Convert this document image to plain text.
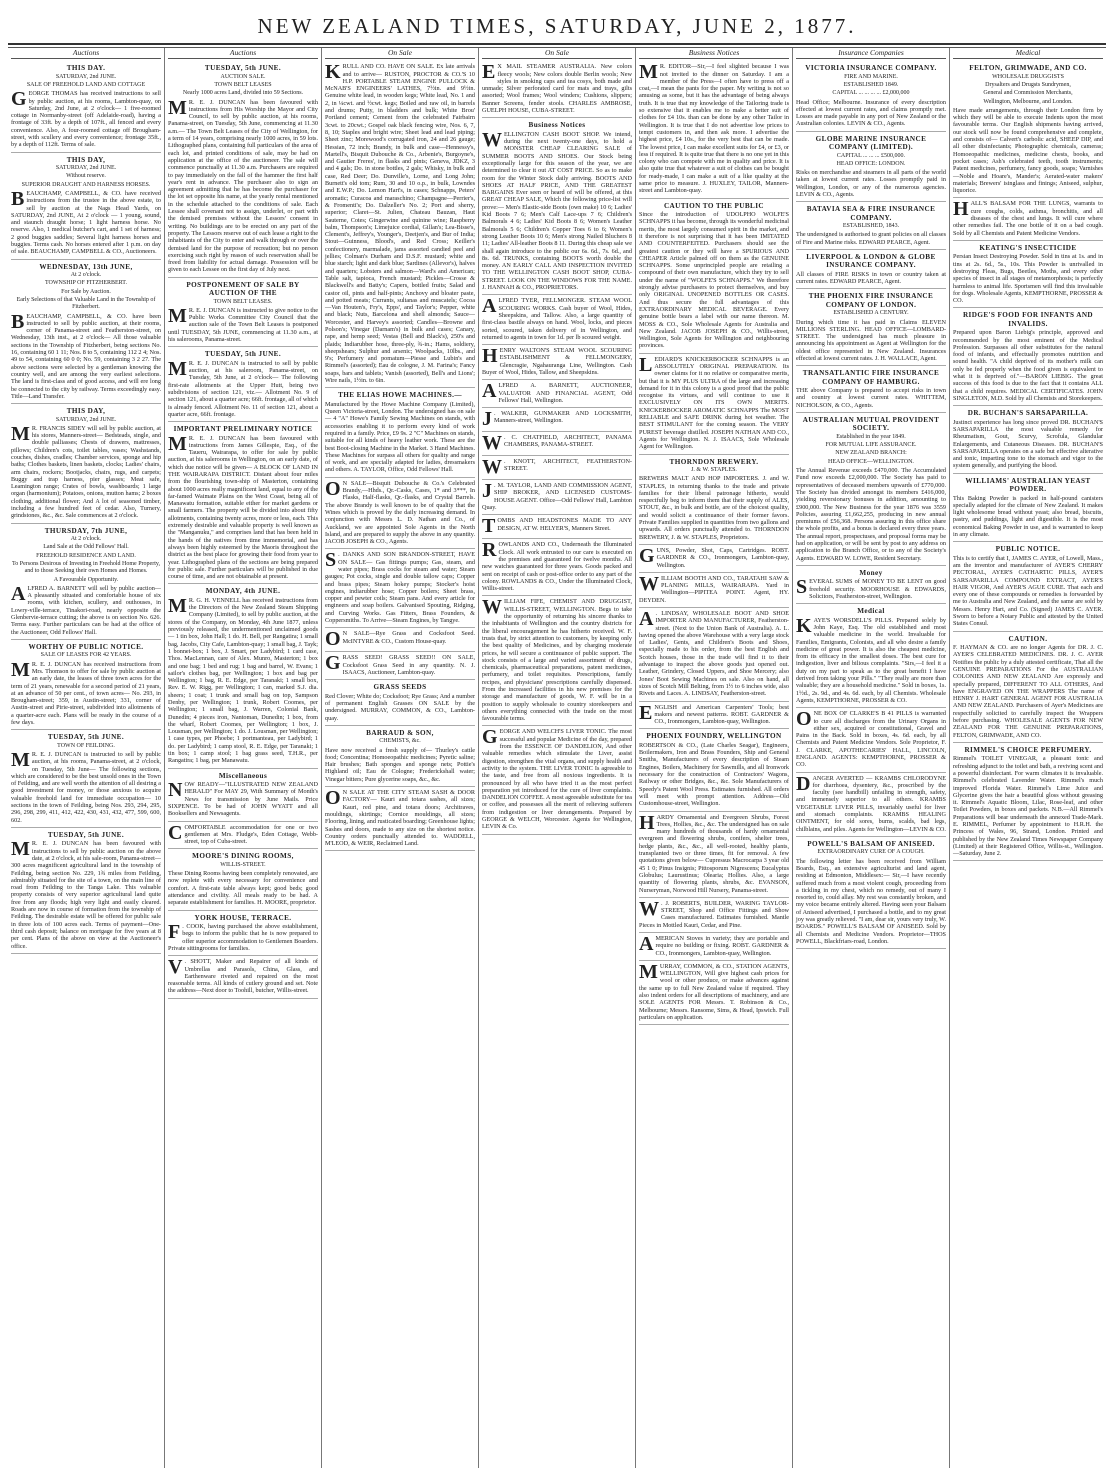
NEW ZEALAND TIMES, SATURDAY, JUNE 2, 1877.
Auctions
THIS DAY.
SATURDAY, 2nd JUNE.
SALE OF FREEHOLD LAND AND COTTAGE
GEORGE THOMAS has received instructions to sell by public auction, at his rooms, Lambton-quay, on Saturday, 2nd June, at 2 o'clock— 1 five-roomed cottage in Normanby-street (off Adelaide-road), having a frontage of 33ft. by a depth of 107ft., all fenced and every convenience. Also, A four-roomed cottage off Brougham-street, with scullery and every convenience; frontage 35ft., by a depth of 112ft. Terms of sale.
THIS DAY,
SATURDAY, 2nd JUNE.
Without reserve.
SUPERIOR DRAUGHT AND HARNESS HORSES.
BEAUCHAMP, CAMPBELL, & CO. have received instructions from the trustee in the above estate, to sell by auction at the Nags Head Yards, on SATURDAY, 2nd JUNE, At 2 o'clock — 1 young, sound, and staunch draught horse; 1 light harness horse. No reserve. Also, 1 medical butcher's cart, and 1 set of harness; 2 good buggies saddles; Several light harness horses and buggies. Terms cash. No horses entered after 1 p.m. on day of sale. BEAUCHAMP, CAMPBELL & CO., Auctioneers.
WEDNESDAY, 13th JUNE,
At 2 o'clock.
TOWNSHIP OF FITZHERBERT.
For Sale by Auction.
Early Selections of that Valuable Land in the Township of Fitzherbert.
BEAUCHAMP, CAMPBELL, & CO. have been instructed to sell by public auction, at their rooms, corner of Panama-street and Featherston-street, on Wednesday, 13th inst., at 2 o'clock— All those valuable sections in the Township of Fitzherbert, being sections No. 16, containing 60 1 11; Nos. 8 to 5, containing 112 2 4; Nos. 49 to 54, containing 60 0 0; No. 59, containing 3 2 27. The above sections were selected by a gentleman knowing the country well, and are among the very earliest selections. The land is first-class and of good access, and will ere long be connected to the city by railway. Terms exceedingly easy. Title—Land Transfer.
THIS DAY,
SATURDAY, 2nd JUNE.
M R. FRANCIS SIDEY will sell by public auction, at his stores, Manners-street— Bedsteads, single, and double palliasses; Chests of drawers, mattresses, pillows; Children's cots, toilet tables, vases; Washstands, couches, dishes, cradles; Chamber services, sponge and hip baths; Clothes baskets, linen baskets, clocks; Ladies' chairs, arm chairs, rockers; Bootjacks, chairs, rugs, and carpets; Buggy and trap harness, pier glasses; Meat safe, Leamington range; Crates of bowls, washboards; 1 large organ (harmonium); Potatoes, onions, mutton hams; 2 boxes clothing, additional flower; And A lot of seasoned timber, including a few hundred feet of cedar. Also, Turnery, grindstones, &c., &c. Sale commences at 2 o'clock.
THURSDAY, 7th JUNE,
At 2 o'clock.
Land Sale at the Odd Fellows' Hall.
FREEHOLD RESIDENCE AND LAND.
To Persons Desirous of Investing in Freehold Home Property, and to those Seeking their own Homes and Homes.
A Favourable Opportunity.
ALFRED A. BARNETT will sell by public auction— A pleasantly situated and comfortable house of six rooms, with kitchen, scullery, and outhouses, in Lowry-ville-terrace, Tinakori-road, nearly opposite the Glenbervie-terrace cutting; the above is on section No. 626. Terms easy. Further particulars can be had at the office of the Auctioneer, Odd Fellows' Hall.
WORTHY OF PUBLIC NOTICE.
SALE OF LEASES FOR 42 YEARS.
M R. E. J. DUNCAN has received instructions from Mrs. Thomson to offer for sale by public auction at an early date, the leases of three town acres for the term of 21 years, renewable for a second period of 21 years, at an advance of 50 per cent., of town acres— No. 293, in Brougham-street; 359, in Austin-street; 331, corner of Austin-street and Pirie-street, subdivided into allotments of a quarter-acre each. Plans will be ready in the course of a few days.
TUESDAY, 5th JUNE.
TOWN OF FEILDING.
M R. E. J. DUNCAN is instructed to sell by public auction, at his rooms, Panama-street, at 2 o'clock, on Tuesday, 5th June— The following sections, which are considered to be the best unsold ones in the Town of Feilding, and are well worth the attention of all desiring a good investment for money, or those anxious to acquire valuable freehold land for immediate occupation— 10 sections in the town of Feilding, being Nos. 293, 294, 295, 296, 298, 299, 411, 412, 422, 430, 431, 432, 477, 599, 600, 602.
TUESDAY, 5th JUNE.
M R. E. J. DUNCAN has been favoured with instructions to sell by public auction on the above date, at 2 o'clock, at his sale-room, Panama-street— 300 acres magnificent agricultural land in the township of Feilding, being section No. 229, 1¾ miles from Feilding, admirably situated for the site of a town, on the main line of road from Feilding to the Tanga Lake. This valuable property consists of very superior agricultural land quite free from any floods; high very light and easily cleared. Roads are now in course of formation from the township of Feilding. The desirable estate will be offered for public sale in three lots of 100 acres each. Terms of payment—One-third cash deposit; balance on mortgage for five years at 8 per cent. Plans of the above on view at the Auctioneer's office.
Auctions
TUESDAY, 5th JUNE.
AUCTION SALE.
TOWN BELT LEASES
Nearly 1000 acres Land, divided into 59 Sections.
M R. E. J. DUNCAN has been favoured with instructions from His Worship the Mayor and City Council, to sell by public auction, at his rooms, Panama-street, on Tuesday, 5th June, commencing at 11.30 a.m.— The Town Belt Leases of the City of Wellington, for a term of 14 years, comprising nearly 1000 acres, in 59 lots. Lithographed plans, containing full particulars of the area of each lot, and printed conditions of sale, may be had on application at the office of the auctioneer. The sale will commence punctually at 11.30 a.m. Purchasers are required to pay immediately on the fall of the hammer the first half year's rent in advance. The purchaser also to sign an agreement admitting that he has become the purchaser for the lot set opposite his name, at the yearly rental mentioned in the schedule attached to the conditions of sale. Each Lessee shall covenant not to assign, underlet, or part with the demised premises without the Lessors' consent in writing. No buildings are to be erected on any part of the property. The Lessors reserve out of each lease a right to the inhabitants of the City to enter and walk through or over the demised land for the purpose of recreation; but no person exercising such right by reason of such reservation shall be freed from liability for actual damage. Possession will be given to each Lessee on the first day of July next.
POSTPONEMENT OF SALE BY AUCTION OF THE
TOWN BELT LEASES.
M R. E. J. DUNCAN is instructed to give notice to the Public Works Committee City Council that the auction sale of the Town Belt Leases is postponed until TUESDAY, 5th JUNE, commencing at 11.30 a.m., at his salerooms, Panama-street.
TUESDAY, 5th JUNE.
M R. E. J. DUNCAN is instructed to sell by public auction, at his saleroom, Panama-street, on Tuesday, 5th June, at 2 o'clock— The following first-rate allotments at the Upper Hutt, being two subdivisions of section 121, viz.— Allotment No. 9 of section 121, about a quarter acre; 66ft. frontage, all of which is already fenced. Allotment No. 11 of section 121, about a quarter acre, 66ft. frontage.
IMPORTANT PRELIMINARY NOTICE
M R. E. J. DUNCAN has been favoured with instructions from James Gillespie, Esq., of the Taueru, Wairarapa, to offer for sale by public auction, at his salerooms in Wellington, on an early date, of which due notice will be given— A BLOCK OF LAND IN THE WAIRARAPA DISTRICT. Distant about four miles from the flourishing town-ship of Masterton, containing about 1000 acres really magnificent land, equal to any of the far-famed Waimate Plains on the West Coast, being all of Manawatu formation, suitable either for market gardens or small farmers. The property will be divided into about fifty allotments, containing twenty acres, more or less, each. This extremely desirable and valuable property is well known as the "Manganuku," and comprises land that has been held in the hands of the natives from time immemorial, and has always been highly esteemed by the Maoris throughout the district as the best place for growing their food from year to year. Lithographed plans of the sections are being prepared for public sale. Further particulars will be published in due course of time, and are not obtainable at present.
MONDAY, 4th JUNE.
M R. G. H. VENNELL has received instructions from the Directors of the New Zealand Steam Shipping Company (Limited), to sell by public auction, at the stores of the Company, on Monday, 4th June 1877, unless previously released, the undermentioned unclaimed goods— 1 tin box, John Hall; 1 do. H. Bell, per Rangatira; 1 small bag, Jacobs, City Cafe, Lambton-quay; 1 small bag, J. Tayk; 1 bonnet-box; 1 box, J. Smart, per Ladybird; 1 card case, Thos. MacLennan, care of Alex. Munro, Masterton; 1 box and one bag; 1 bed and rug; 1 bag and barrel, W. Evans; 1 sailor's clothes bag, per Wellington; 1 box and bag per Wellington; 1 bag, R. E. Edge, per Taranaki; 1 small box, Rev. E. W. Rigg, per Wellington; 1 can, marked S.J. dia. sheers; 1 coat; 1 trunk and small bag on top, Sampson Denby, per Wellington; 1 trunk, Robert Coomes, per Wellington; 1 small bag, J. Warren, Colonial Bank, Dunedin; 4 pieces iron, Nantoman, Dunedin; 1 box, from the wharf, Robert Coomes, per Wellington; 1 box, J. Lousman, per Wellington; 1 do. J. Lousman, per Wellington; 1 case types, per Phoebe; 1 portmanteau, per Ladybird; 1 do. per Ladybird; 1 camp stool, R. E. Edge, per Taranaki; 1 tin box; 1 camp stool; 1 bag grass seed, T.H.R., per Rangatira; 1 bag, per Manawatu.
Miscellaneous
NOW READY—"ILLUSTRATED NEW ZEALAND HERALD" For MAY 29, With Summary of Month's News for transmission by June Mails. Price SIXPENCE. To be had of JOHN WYATT and all Booksellers and Newsagents.
COMFORTABLE accommodation for one or two gentlemen at Mrs. Fludge's, Eden Cottage, Webb-street, top of Cuba-street.
MOORE'S DINING ROOMS,
WILLIS-STREET.
These Dining Rooms having been completely renovated, are now replete with every necessary for convenience and comfort. A first-rate table always kept; good beds; good attendance and civility. All meals ready to be had. A separate establishment for families. H. MOORE, proprietor.
YORK HOUSE, TERRACE.
F . COOK, having purchased the above establishment, begs to inform the public that he is now prepared to offer superior accommodation to Gentlemen Boarders. Private sittingrooms for families.
V . SHOTT, Maker and Repairer of all kinds of Umbrellas and Parasols, China, Glass, and Earthenware riveted and repaired on the most reasonable terms. All kinds of cutlery ground and set. Note the address—Next door to Toohill, butcher, Willis-street.
On Sale
KRULL AND CO. HAVE ON SALE. Ex late arrivals and to arrive— RUSTON, PROCTOR & CO.'S 10 H.P. PORTABLE STEAM ENGINE PULLOCK & McNAB'S ENGINEERS' LATHES, 7½in. and 9½in. Genuine white lead, in wooden kegs; White lead, No. 1 and 2, in ¼cwt. and ½cwt. kegs; Boiled and raw oil, in barrels and drums; Putty, in bladders and bulk; White Brou' Portland cement; Cement from the celebrated Fairbairn 3cwt. to 20cwt.; Gospel oak black fencing wire, Nos. 6, 7, 8, 10; Staples and bright wire; Sheet lead and lead piping; Sheet zinc; Morewood's corrugated iron, 24 and 26 gauge; Hessian, 72 inch; Brandy, in bulk and case—Hennessy's, Martell's, Bisquit Dubouche & Co., Arbenie's, Burgoyne's, and Gautier Freres', in flasks and pints; Geneva, JDKZ, 3 and 4 gals; Do. in stone bottles, 2 gals; Whisky, in bulk and case, Red Deer; Do. Dunville's, Lorne, and Long John; Burnett's old tom; Rum, 30 and 10 o.p., in bulk, Lowndes and E.W.P.; Do. Lemon Hart's, in cases; Schnapps, Peters' aromatic; Curacoa and maraschino; Champagne—Perrier's, & Fromenti's; Do. Dalzeller's No. 2; Port and sherry, superior; Claret—St. Julien, Chateau Bauzan, Haut Sauterne, Cotes; Gingerwine and quinine wine; Raspberry balm, Thompson's; Limejuice cordial, Gillan's; Lea-Bisse's, Clement's, Jeffrey's, Younger's, Deetjen's, and Bur of India; Stout—Guinness, Blood's, and Red Cross; Keiller's confectionery, marmalade, jams assorted candied peel and jellies; Colman's Durham and D.S.F. mustard; white and blue starch; light and dark blue; Sardines (Allevor's), halves and quarters; Lobsters and salmon—Ward's and American; Table salt, tapioca, French mustard; Pickles—Crosse & Blackwell's and Batty's; Capers, bottled fruits; Salad and castor oil, pints and half-pints; Anchovy and bloater paste, and potted meats; Currants, sultanas and muscatels; Cocoa—Van Houten's, Fry's, Epps', and Taylor's; Pepper, white and black; Nuts, Barcelona and shell almonds; Sauce—Worcester, and Harvey's assorted; Candles—Browne and Polson's; Vinegar (Darnam's) in bulk and cases; Canary, rape, and hemp seed; Vestas (Bell and Black's), 250's and plaids; Indiarubber hose, three-ply, ¾-in.; Hams, soldiery, sheepshears; Sulphur and arsenic; Woolpacks, 10lbs., and 9's; Perfumery and pomatum—Piesse and Lubin's and Rimmel's (assorted); Eau de cologne, J. M. Farina's; Fancy soaps, bars and tablets; Vanish (assorted), Bell's and Lions'; Wire nails, 1½in. to 6in.
THE ELIAS HOWE MACHINES.—
Manufactured by the Howe Machine Company (Limited), Queen Victoria-street, London. The undersigned has on sale— 4 "A" Howe's Family Sewing Machines on stands, with accessories enabling it to perform every kind of work required in a family. Price, £9 9s. 2 "C" Machines on stands, suitable for all kinds of heavy leather work. These are the best Boot-closing Machine in the Market. 3 Hand Machines. These Machines for surpass all others for quality and range of work, and are specially adapted for ladies, dressmakers and others. A. TAYLOR, Office, Odd Fellows' Hall.
O N SALE—Bisquit Dubouche & Co.'s Celebrated Brandy,—Hhds., Qr.-Casks, Cases, 1* and 3***, In Flasks, Half-flasks, Qr.-flasks, and Crystal Barrels. The above Brandy is well known to be of quality that the Wines which is proved by the daily increasing demand. In conjunction with Messrs L. D. Nathan and Co., of Auckland, we are appointed Sole Agents in the North Island, and are prepared to supply the above in any quantity. JACOB JOSEPH & CO., Agents.
S . DANKS AND SON BRANDON-STREET, HAVE ON SALE— Gas fittings pumps; Gas, steam, and water pipes; Brass cocks for steam and water; Steam gauges; Pot cocks, single and double tallow caps; Copper and brass pipes; Steam hokey pumps; Stocker's hoist engines, indiarubber hose; Copper boilers; Sheet brass, copper and pewter coils; Steam pans. And every article for engineers and soap boilers. Galvanised Spouting, Ridging, and Curving Works. Gas Fitters, Brass Founders, & Coppersmiths. To Arrive—Steam Engines, by Tangye.
O N SALE—Rye Grass and Cocksfoot Seed. McINTYRE & CO., Custom House-quay.
GRASS SEED! GRASS SEED!! ON SALE, Cocksfoot Grass Seed in any quantity. N. J. ISAACS, Auctioneer, Lambton-quay.
GRASS SEEDS
Red Clover; White do; Cocksfoot; Rye Grass; And a number of permanent English Grasses ON SALE by the undersigned. MURRAY, COMMON, & CO., Lambton-quay.
BARRAUD & SON,
CHEMISTS, &c.
Have now received a fresh supply of— Thurley's cattle food; Concentina; Homoeopathic medicines; Pyretic saline; Hair brushes; Bath sponges and sponge nets; Pottie's Highland oil; Eau de Cologne; Frederickshall water; Vinegar bitters; Pure glycerine soaps, &c., &c.
O N SALE AT THE CITY STEAM SASH & DOOR FACTORY— Kauri and totara sashes, all sizes; Kauri, red pine, and totara doors; Architraves, mouldings, skirtings; Cornice mouldings, all sizes; Flooring, lining, and rusticated boarding; Greenhouse lights; Sashes and doors, made to any size on the shortest notice. Country orders punctually attended to. WADDELL, M'LEOD, & WEIR, Reclaimed Land.
On Sale
E X MAIL STEAMER AUSTRALIA. New colors fleecy wools; New colors double Berlin wools; New styles in smoking caps and tea cosys, both made and unmade; Silver perforated card for mats and trays, gilts assorted; Wool frames; Wool winders; Cushions, slippers; Banner Screens, fender stools. CHARLES AMBROSE, GUELPH HOUSE, CUBA-STREET.
Business Notices
WELLINGTON CASH BOOT SHOP. We intend, during the next twenty-one days, to hold a MONSTER CHEAP CLEARING SALE of SUMMER BOOTS AND SHOES. Our Stock being exceptionally large for this season of the year, we are determined to clear it out AT COST PRICE. So as to make room for the Winter Stock daily arriving. BOOTS AND SHOES AT HALF PRICE, AND THE GREATEST BARGAINS Ever seen or heard of will be offered, at this GREAT CHEAP SALE, Which the following price-list will prove:— Men's Elastic-side Boots (own make) 10 6; Ladies' Kid Boots 7 6; Men's Calf Lace-ups 7 6; Children's Balmorals 4 6; Ladies' Kid Boots 8 6; Women's Leather Balmorals 5 6; Children's Copper Toes 6 to 6; Women's strong Leather Boots 10 6; Men's strong Nailed Bluchers 8 11; Ladies' All-leather Boots 8 11. During this cheap sale we shall again introduce to the public our 6s. 6d., 7s. 6d., and 8s. 6d. TRUNKS, containing BOOTS worth double the money. AN EARLY CALL AND INSPECTION INVITED TO THE WELLINGTON CASH BOOT SHOP, CUBA-STREET. LOOK ON THE WINDOWS FOR THE NAME. J. HANNAH & CO., PROPRIETORS.
ALFRED TYER, FELLMONGER. STEAM WOOL SCOURING WORKS. Cash buyer of Wool, Hides, Sheepskins, and Tallow. Also, a large quantity of first-class bastile always on hand. Wool, locks, and pieces sorted, scoured, taken delivery of in Wellington, and returned to agents in town for 1d. per lb scoured weight.
HENRY WALTON'S STEAM WOOL SCOURING ESTABLISHMENT & FELLMONGERY, Glencragie, Ngahauranga Line, Wellington. Cash Buyer of Wool, Hides, Tallow, and Sheepskins.
ALFRED A. BARNETT, AUCTIONEER, VALUATOR AND FINANCIAL AGENT, Odd Fellows' Hall, Wellington.
J . WALKER, GUNMAKER AND LOCKSMITH, Manners-street, Wellington.
W . C. CHATFIELD, ARCHITECT, PANAMA CHAMBERS, PANAMA-STREET.
W . KNOTT, ARCHITECT, FEATHERSTON-STREET.
J . M. TAYLOR, LAND AND COMMISSION AGENT, SHIP BROKER, AND LICENSED CUSTOMS-HOUSE AGENT. Office—Odd Fellows' Hall, Lambton Quay.
TOMBS AND HEADSTONES MADE TO ANY DESIGN, AT W. HELYER'S, Manners Street.
ROWLANDS AND CO., Underneath the Illuminated Clock. All work entrusted to our care is executed on the premises and guaranteed for twelve months. All new watches guaranteed for three years. Goods packed and sent on receipt of cash or post-office order to any part of the colony. ROWLANDS & CO., Under the Illuminated Clock, Willis-street.
WILLIAM FIFE, CHEMIST AND DRUGGIST, WILLIS-STREET, WELLINGTON. Begs to take the opportunity of returning his sincere thanks to the inhabitants of Wellington and the country districts for the liberal encouragement he has hitherto received. W. F. trusts that, by strict attention to customers, by keeping only the best quality of Medicines, and by charging moderate prices, he will secure a continuance of public support. The stock consists of a large and varied assortment of drugs, chemicals, pharmaceutical preparations, patent medicines, perfumery, and toilet requisites. Prescriptions, family recipes, and physicians' prescriptions carefully dispensed. From the increased facilities in his new premises for the storage and manufacture of goods, W. F. will be in a position to supply wholesale to country storekeepers and others everything connected with the trade on the most favourable terms.
GEORGE AND WELCH'S LIVER TONIC. The most successful and popular Medicine of the day, prepared from the ESSENCE OF DANDELION, And other valuable remedies which stimulate the Liver, assist digestion, strengthen the vital organs, and supply health and activity to the system. THE LIVER TONIC Is agreeable to the taste, and free from all noxious ingredients. It is pronounced by all who have tried it as the most perfect preparation yet introduced for the cure of liver complaints. DANDELION COFFEE. A most agreeable substitute for tea or coffee, and possesses all the merit of relieving sufferers from indigestion or liver derangements. Prepared by GEORGE & WELCH, Worcester. Agents for Wellington, LEVIN & Co.
Business Notices
M R. EDITOR—Sir,—I feel slighted because I was not invited to the dinner on Saturday. I am a member of the Press—I often have to press off a coat,—I mean the pants for the paper. My writing is not so amusing as some, but it has the advantage of being always truth. It is true that my knowledge of the Tailoring trade is so extensive that it enables me to make a better suit of clothes for £4 10s. than can be done by any other Tailor in Wellington. It is true that I do not advertise low prices to tempt customers in, and then ask more. I advertise the highest price, £4 10s., for the very best that can be made. The lowest price, I can make excellent suits for £4, or £3, or less if required. It is quite true that there is no one yet in this colony who can compete with me in quality and price. It is also quite true that whatever a suit of clothes can be bought for ready-made, I can make a suit of a like quality at the same price to measure. J. HUXLEY, TAILOR, Manners-street and Lambton-quay.
CAUTION TO THE PUBLIC
Since the introduction of UDOLPHO WOLFE'S SCHNAPPS it has become, through its wonderful medicinal merits, the most largely consumed spirit in the market, and it therefore is not surprising that it has been IMITATED AND COUNTERFEITED. Purchasers should see the greatest caution or they will have a SPURIOUS AND CHEAPER Article palmed off on them as the GENUINE SCHNAPPS. Some unprincipled people are retailing a compound of their own manufacture, which they try to sell under the name of "WOLFE'S SCHNAPPS." We therefore strongly advise purchasers to protect themselves, and buy only ORIGINAL UNOPENED BOTTLES OR CASES. And thus secure the full advantages of this EXTRAORDINARY MEDICAL BEVERAGE. Every genuine bottle bears a label with our name thereon. M. MOSS & CO., Sole Wholesale Agents for Australia and New Zealand. JACOB JOSEPH & CO., Willis-street, Wellington, Sole Agents for Wellington and neighbouring provinces.
LEDIARD'S KNICKERBOCKER SCHNAPPS is an ABSOLUTELY ORIGINAL PREPARATION. Its owner claims for it no relative or comparative merits, but that it is MY PLUS ULTRA of the large and increasing demand for it in this colony is a good proof that the public recognise its virtues, and will continue to use it EXCLUSIVELY ON ITS OWN MERITS. KNICKERBOCKER AROMATIC SCHNAPPS The MOST RELIABLE and SAFE DRINK during hot weather. The BEST STIMULANT for the coming season. The VERY PUREST beverage distilled. JOSEPH NATHAN AND CO., Agents for Wellington. N. J. ISAACS, Sole Wholesale Agent for Wellington.
THORNDON BREWERY.
J. & W. STAPLES.
BREWERS MALT AND HOP IMPORTERS. J. and W. STAPLES, in returning thanks to the trade and private families for their liberal patronage hitherto, would respectfully beg to inform them that their supply of ALES, STOUT, &c., in bulk and bottle, are of the choicest quality, and would solicit a continuance of their former favors. Private Families supplied in quantities from two gallons and upwards. All orders punctually attended to. THORNDON BREWERY, J. & W. STAPLES, Proprietors.
GUNS, Powder, Shot, Caps, Cartridges. ROBT. GARDNER & CO., Ironmongers, Lambton-quay, Wellington.
WILLIAM BOOTH AND CO., TARATAHI SAW & PLANING MILLS, WAIRARAPA. Yard in Wellington—PIPITEA POINT. Agent, HY. DEYDEN.
A . LINDSAY, WHOLESALE BOOT AND SHOE IMPORTER AND MANUFACTURER, Featherston-street. (Next to the Union Bank of Australia). A. L. having opened the above Warehouse with a very large stock of Ladies', Gents, and Children's Boots and Shoes, especially made to his order, from the best English and Scotch houses, those in the trade will find it to their advantage to inspect the above goods just opened out. Leather, Grindery, Closed Uppers, and Shoe Mercery; also Jones' Boot Sewing Machines on sale. Also on hand, all sizes of Scotch Mill Belting, from 1½ to 6 inches wide, also Rivets and Laces. A. LINDSAY, Featherston-street.
ENGLISH and American Carpenters' Tools; best makers and newest patterns. ROBT. GARDNER & CO., Ironmongers, Lambton-quay, Wellington.
PHOENIX FOUNDRY, WELLINGTON
ROBERTSON & CO., (Late Charles Seagar), Engineers, Boilermakers, Iron and Brass Founders, Ship and General Smiths, Manufacturers of every description of Steam Engines, Boilers, Machinery for Sawmills, and all Ironwork necessary for the construction of Contractors' Wagons, Railway or other Bridges, &c., &c. Sole Manufacturers of Speedy's Patent Wool Press. Estimates furnished. All orders will meet with prompt attention. Address—Old Customhouse-street, Wellington.
HARDY Ornamental and Evergreen Shrubs, Forest Trees, Hollies, &c., &c. The undersigned has on sale many hundreds of thousands of hardy ornamental evergreen and flowering shrubs, conifers, shelter trees, hedge plants, &c., &c., all well-rooted, healthy plants, transplanted two or three times, fit for removal. A few quotations given below— Cupressus Macrocarpa 3 year old 45 1 0; Pinus Insignis; Pittosporum Nigrescens; Eucalyptus Globulus; Laurustinus; Olearia; Hollies. Also, a large quantity of flowering plants, shrubs, &c. EVANSON, Nurseryman, Norwood Hill Nursery, Panama-street.
W . J. ROBERTS, BUILDER, WARING TAYLOR-STREET, Shop and Office Fittings and Show Cases manufactured. Estimates furnished. Mantle Pieces in Mottled Kauri, Cedar, and Pine.
AMERICAN Stoves in variety; they are portable and require no building or fixing. ROBT. GARDNER & CO., Ironmongers, Lambton-quay, Wellington.
MURRAY, COMMON, & CO., STATION AGENTS, WELLINGTON, Will give highest cash prices for wool or other produce, or make advances against the same up to full New Zealand value if required. They also indent orders for all descriptions of machinery, and are SOLE AGENTS FOR Messrs. T. Robinson & Co., Melbourne; Messrs. Ransome, Sims, & Head, Ipswich. Full particulars on application.
Insurance Companies
VICTORIA INSURANCE COMPANY.
FIRE AND MARINE.
ESTABLISHED 1849.
CAPITAL ... ... ... ... £2,000,000
Head Office; Melbourne. Insurance of every description effected at lowest current rates, and claims promptly met. Losses are made payable in any port of New Zealand or the Australian colonies. LEVIN & CO., Agents.
GLOBE MARINE INSURANCE COMPANY (LIMITED).
CAPITAL ... ... ... £500,000.
HEAD OFFICE: LONDON.
Risks on merchandise and steamers in all parts of the world taken at lowest current rates. Losses promptly paid in Wellington, London, or any of the numerous agencies. LEVIN & CO., Agents.
BATAVIA SEA & FIRE INSURANCE COMPANY.
ESTABLISHED, 1843.
The undersigned is authorised to grant policies on all classes of Fire and Marine risks. EDWARD PEARCE, Agent.
LIVERPOOL & LONDON & GLOBE INSURANCE COMPANY.
All classes of FIRE RISKS in town or country taken at current rates. EDWARD PEARCE, Agent.
THE PHOENIX FIRE INSURANCE COMPANY OF LONDON.
ESTABLISHED A CENTURY.
During which time it has paid in Claims ELEVEN MILLIONS STERLING. HEAD OFFICE—LOMBARD-STREET. The undersigned has much pleasure in announcing his appointment as Agent at Wellington for the oldest office represented in New Zealand. Insurances effected at lowest current rates. J. H. WALLACE, Agent.
TRANSATLANTIC FIRE INSURANCE COMPANY OF HAMBURG.
THE above Company is prepared to accept risks in town and country at lowest current rates. WHITTEM, NICHOLSON, & CO., Agents.
AUSTRALIAN MUTUAL PROVIDENT SOCIETY.
Established in the year 1849.
FOR MUTUAL LIFE ASSURANCE.
NEW ZEALAND BRANCH:
HEAD OFFICE—WELLINGTON.
The Annual Revenue exceeds £470,000. The Accumulated Fund now exceeds £2,000,000. The Society has paid to representatives of deceased members upwards of £770,000. The Society has divided amongst its members £416,000, yielding reversionary bonuses in addition, amounting to £900,000. The New Business for the year 1876 was 3559 Policies, assuring £1,662,255, producing in new annual premiums of £56,368. Persons assuring in this office share the whole profits, and a bonus is declared every three years. The annual report, prospectuses, and proposal forms may be had on application, or will be sent by post to any address on application to the Branch Office, or to any of the Society's Agents. EDWARD W. LOWE, Resident Secretary.
Money
SEVERAL SUMS of MONEY TO BE LENT on good freehold security. MOORHOUSE & EDWARDS, Solicitors, Featherston-street, Wellington.
Medical
KAYE'S WORSDELL'S PILLS. Prepared solely by John Kaye, Esq. The old established and most valuable medicine in the world. Invaluable for Families, Emigrants, Colonists, and all who desire a family medicine of great power. It is also the cheapest medicine, from its efficacy in the smallest doses. The best cure for indigestion, liver and bilious complaints. "Sirs,—I feel it a duty on my part to speak as to the great benefit I have derived from taking your Pills." "They really are more than valuable; they are a household medicine." Sold in boxes, 1s. 1½d., 2s. 9d., and 4s. 6d. each, by all Chemists. Wholesale Agents, KEMPTHORNE, PROSSER & CO.
ONE BOX OF CLARKE'S B 41 PILLS is warranted to cure all discharges from the Urinary Organs in either sex, acquired or constitutional, Gravel and Pains in the Back. Sold in boxes, 4s. 6d. each, by all Chemists and Patent Medicine Vendors. Sole Proprietor, F. J. CLARKE, APOTHECARIES' HALL, LINCOLN, ENGLAND. AGENTS: KEMPTHORNE, PROSSER & CO.
DANGER AVERTED — KRAMBS CHLORODYNE for diarrhoea, dysentery, &c., proscribed by the faculty (see handbill) unfailing in strength, safety, and immensely superior to all others. KRAMBS VEGETABLE LIVER PILLS, invariably useful for liver and stomach complaints. KRAMBS HEALING OINTMENT, for old sores, burns, scalds, bad legs, chilblains, and piles. Agents for Wellington—LEVIN & CO.
POWELL'S BALSAM OF ANISEED.
EXTRAORDINARY CURE OF A COUGH.
The following letter has been received from William Boards, Esq., an extensive agriculturist and land agent, residing at Edmonton, Middlesex:— Sir,—I have recently suffered much from a most violent cough, proceeding from a tickling in my chest, which no remedy, out of many I resorted to, could allay. My rest was constantly broken, and my voice became entirely altered. Having seen your Balsam of Aniseed advertised, I purchased a bottle, and to my great joy was greatly relieved. "I am, dear sir, yours very truly, W. BOARDS." POWELL'S BALSAM OF ANISEED. Sold by all Chemists and Medicine Vendors. Proprietor—THOS POWELL, Blackfriars-road, London.
Medical
FELTON, GRIMWADE, AND CO.
WHOLESALE DRUGGISTS
Drysalters and Drugsts Sundrymen,
General and Commission Merchants,
Wellington, Melbourne, and London.
Have made arrangements, through their London firm by which they will be able to execute Indents upon the most favourable terms. Our English shipments having arrived, our stock will now be found comprehensive and complete, and consists of— Calvert's carbolic acid, SHEEP DIP, and all other disinfectants; Photographic chemicals, cameras; Homoeopathic medicines, medicine chests, books, and pocket cases; Ash's celebrated teeth, tooth instruments; Patent medicines, perfumery, fancy goods, soaps; Varnishes—Noble and Hoare's, Mander's; Aerated-water makers' materials; Brewers' isinglass and finings; Aniseed, sulphur, liquorice.
HALL'S BALSAM FOR THE LUNGS, warrants to cure coughs, colds, asthma, bronchitis, and all diseases of the chest and lungs. It will cure where other remedies fail. The one bottle of it on a bad cough. Sold by all Chemists and Patent Medicine Vendors.
KEATING'S INSECTICIDE
Persian Insect Destroying Powder. Sold in tins at 1s. and in tins at 2s. 6d., 5s., 10s. This Powder is unrivalled in destroying Fleas, Bugs, Beetles, Moths, and every other species of insect in all stages of metamorphosis; is perfectly harmless to animal life. Sportsmen will find this invaluable for dogs. Wholesale Agents, KEMPTHORNE, PROSSER & CO.
RIDGE'S FOOD FOR INFANTS AND INVALIDS.
Prepared upon Baron Liebig's principle, approved and recommended by the most eminent of the Medical Profession. Surpasses all other substitutes for the natural food of infants, and effectually promotes nutrition and sound health. "A child deprived of its mother's milk can only be fed properly when the food given is equivalent to what it is deprived of."—BARON LIEBIG. The great success of this food is due to the fact that it contains ALL that a child requires. MEDICAL CERTIFICATES. JOHN SINGLETON, M.D. Sold by all Chemists and Storekeepers.
DR. BUCHAN'S SARSAPARILLA.
Justinct experience has long since proved DR. BUCHAN'S SARSAPARILLA the most valuable remedy for Rheumatism, Gout, Scurvy, Scrofula, Glandular Enlargements, and Cutaneous Diseases. DR. BUCHAN'S SARSAPARILLA operates on a safe but effective alterative and tonic, imparting tone to the stomach and vigor to the system generally, and purifying the blood.
WILLIAMS' AUSTRALIAN YEAST POWDER.
This Baking Powder is packed in half-pound canisters specially adapted for the climate of New Zealand. It makes light wholesome bread without yeast; also bread, biscuits, pastry, and puddings, light and digestible. It is the most economical Baking Powder in use, and is warranted to keep in any climate.
PUBLIC NOTICE.
This is to certify that I, JAMES C. AYER, of Lowell, Mass., am the inventor and manufacturer of AYER'S CHERRY PECTORAL, AYER'S CATHARTIC PILLS, AYER'S SARSAPARILLA COMPOUND EXTRACT, AYER'S HAIR VIGOR, And AYER'S AGUE CURE. That each and every one of these compounds or remedies is forwarded by me to Australia and New Zealand, and the same are sold by Messrs. Henry Hart, and Co. (Signed) JAMES C. AYER. Sworn to before a Notary Public and attested by the United States Consul.
CAUTION.
F. HAYMAN & CO. are no longer Agents for DR. J. C. AYER'S CELEBRATED MEDICINES. DR. J. C. AYER Notifies the public by a duly attested certificate, That all the GENUINE PREPARATIONS For the AUSTRALIAN COLONIES AND NEW ZEALAND Are expressly and specially prepared, DIFFERENT TO ALL OTHERS, And have ENGRAVED ON THE WRAPPERS The name of HENRY J. HART GENERAL AGENT FOR AUSTRALIA AND NEW ZEALAND. Purchasers of Ayer's Medicines are respectfully solicited to carefully inspect the Wrappers before purchasing. WHOLESALE AGENTS FOR NEW ZEALAND FOR THE GENUINE PREPARATIONS, FELTON, GRIMWADE, AND CO.
RIMMEL'S CHOICE PERFUMERY.
Rimmel's TOILET VINEGAR, a pleasant tonic and refreshing adjunct to the toilet and bath, a reviving scent and a powerful disinfectant. For warm climates it is invaluable. Rimmel's celebrated Lavender Water. Rimmel's much improved Florida Water. Rimmel's Lime Juice and Glycerine gives the hair a beautiful gloss without greasing it. Rimmel's Aquatic Bloom, Lilac, Rose-leaf, and other Toilet Powders, in boxes and packets. N.B.—All Rimmel's Preparations will bear underneath the annexed Trade-Mark. E. RIMMEL, Perfumer by appointment to H.R.H. the Princess of Wales, 96, Strand, London. Printed and published by the New Zealand Times Newspaper Company (Limited) at their Registered Office, Willis-st., Wellington.—Saturday, June 2.
